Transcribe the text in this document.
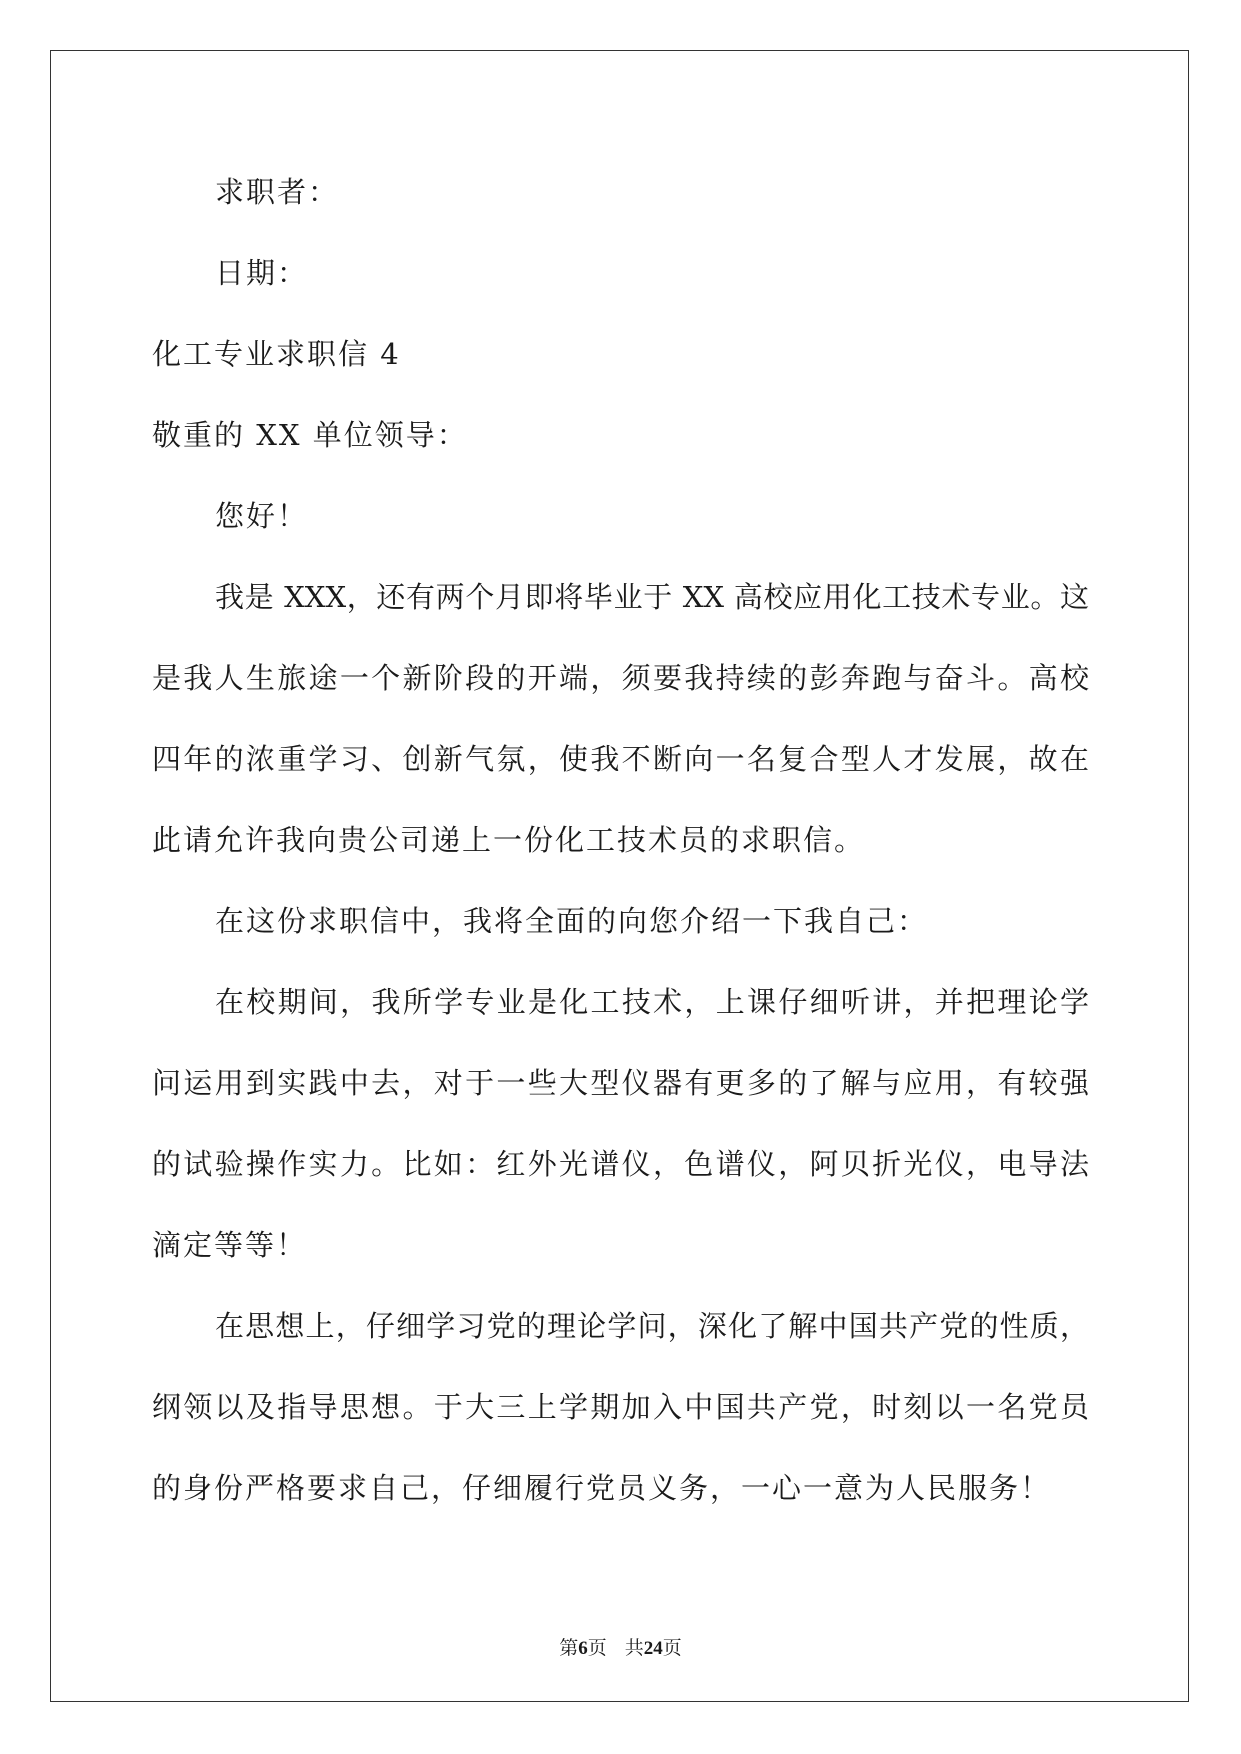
求职者：
日期：
化工专业求职信 4
敬重的 XX 单位领导：
您好！
我是 XXX，还有两个月即将毕业于 XX 高校应用化工技术专业。这
是我人生旅途一个新阶段的开端，须要我持续的彭奔跑与奋斗。高校
四年的浓重学习、创新气氛，使我不断向一名复合型人才发展，故在
此请允许我向贵公司递上一份化工技术员的求职信。
在这份求职信中，我将全面的向您介绍一下我自己：
在校期间，我所学专业是化工技术，上课仔细听讲，并把理论学
问运用到实践中去，对于一些大型仪器有更多的了解与应用，有较强
的试验操作实力。比如：红外光谱仪，色谱仪，阿贝折光仪，电导法
滴定等等！
在思想上，仔细学习党的理论学问，深化了解中国共产党的性质，
纲领以及指导思想。于大三上学期加入中国共产党，时刻以一名党员
的身份严格要求自己，仔细履行党员义务，一心一意为人民服务！
第6页 共24页
